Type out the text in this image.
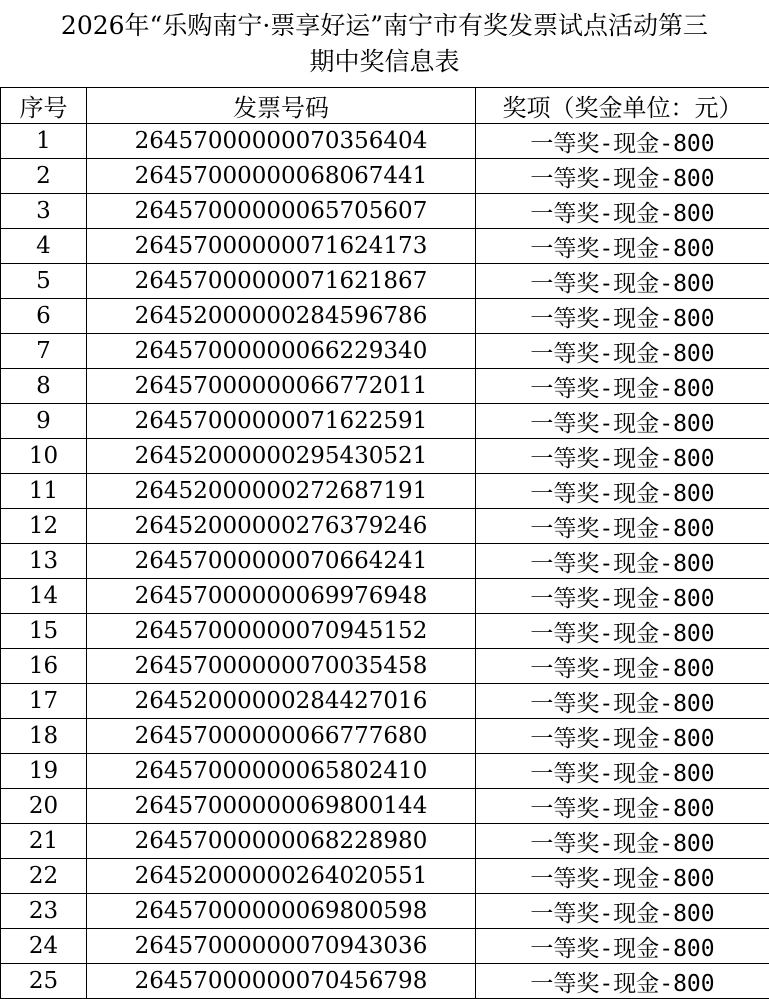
2026年“乐购南宁·票享好运”南宁市有奖发票试点活动第三
期中奖信息表
序号	发票号码	奖项（奖金单位：元）
1	26457000000070356404	一等奖-现金-800
2	26457000000068067441	一等奖-现金-800
3	26457000000065705607	一等奖-现金-800
4	26457000000071624173	一等奖-现金-800
5	26457000000071621867	一等奖-现金-800
6	26452000000284596786	一等奖-现金-800
7	26457000000066229340	一等奖-现金-800
8	26457000000066772011	一等奖-现金-800
9	26457000000071622591	一等奖-现金-800
10	26452000000295430521	一等奖-现金-800
11	26452000000272687191	一等奖-现金-800
12	26452000000276379246	一等奖-现金-800
13	26457000000070664241	一等奖-现金-800
14	26457000000069976948	一等奖-现金-800
15	26457000000070945152	一等奖-现金-800
16	26457000000070035458	一等奖-现金-800
17	26452000000284427016	一等奖-现金-800
18	26457000000066777680	一等奖-现金-800
19	26457000000065802410	一等奖-现金-800
20	26457000000069800144	一等奖-现金-800
21	26457000000068228980	一等奖-现金-800
22	26452000000264020551	一等奖-现金-800
23	26457000000069800598	一等奖-现金-800
24	26457000000070943036	一等奖-现金-800
25	26457000000070456798	一等奖-现金-800
